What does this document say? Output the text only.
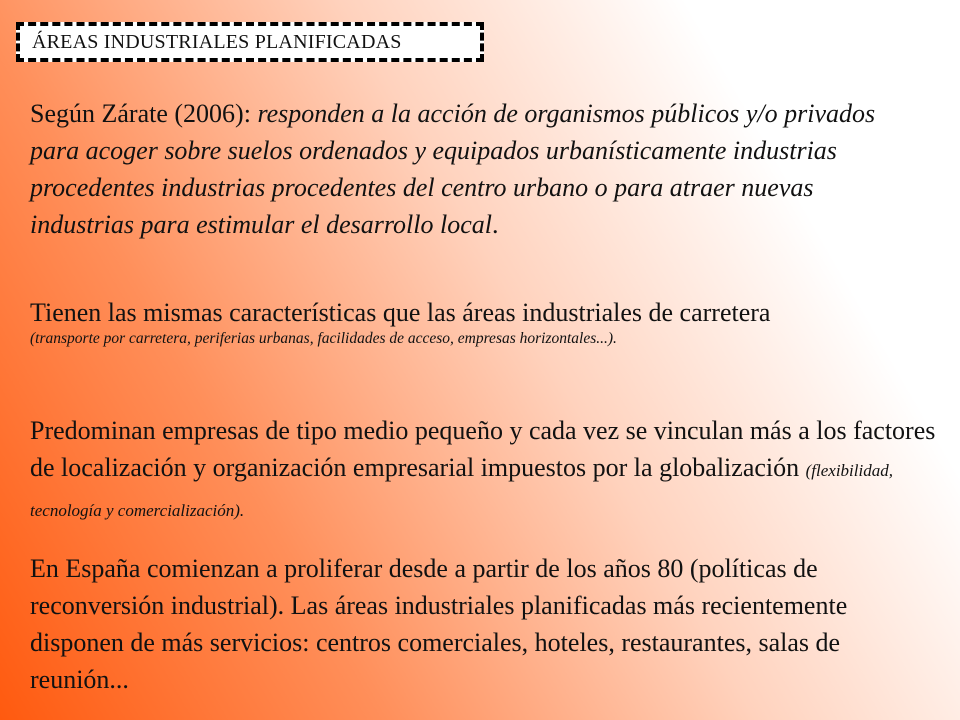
ÁREAS INDUSTRIALES PLANIFICADAS

Según Zárate (2006): responden a la acción de organismos públicos y/o privados para acoger sobre suelos ordenados y equipados urbanísticamente industrias procedentes industrias procedentes del centro urbano o para atraer nuevas industrias para estimular el desarrollo local.

Tienen las mismas características que las áreas industriales de carretera
(transporte por carretera, periferias urbanas, facilidades de acceso, empresas horizontales...).

Predominan empresas de tipo medio pequeño y cada vez se vinculan más a los factores de localización y organización empresarial impuestos por la globalización (flexibilidad, tecnología y comercialización).

En España comienzan a proliferar desde a partir de los años 80 (políticas de reconversión industrial). Las áreas industriales planificadas más recientemente disponen de más servicios: centros comerciales, hoteles, restaurantes, salas de reunión...
